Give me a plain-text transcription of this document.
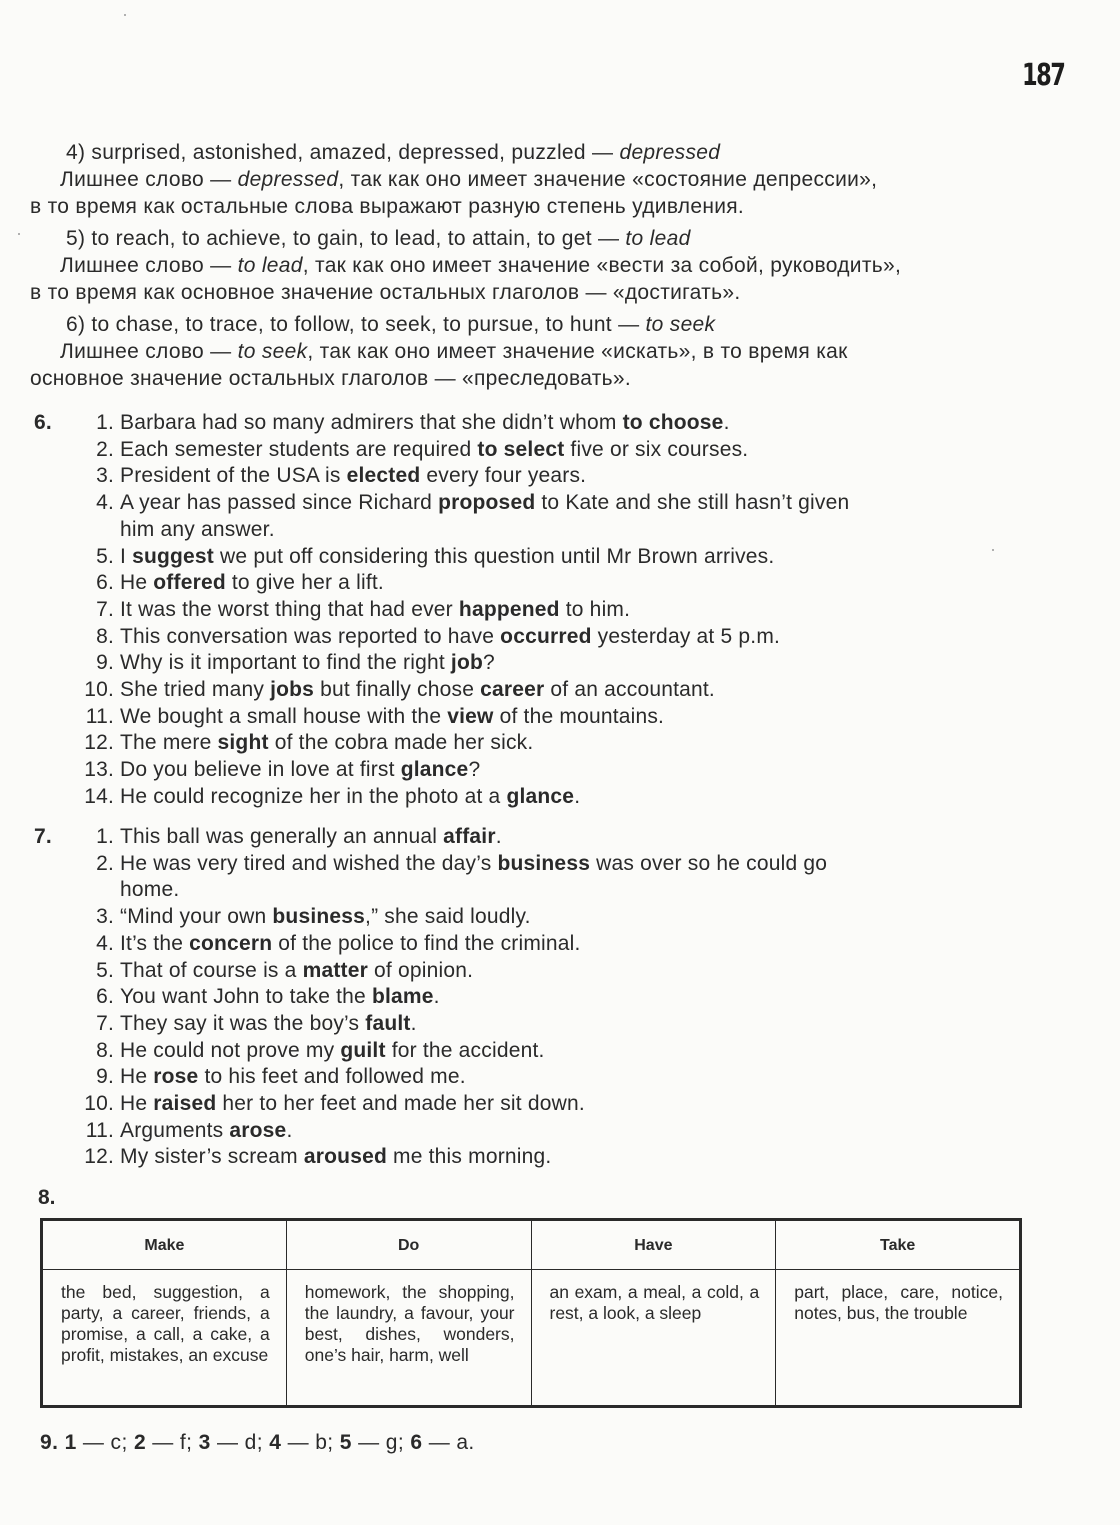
187
4) surprised, astonished, amazed, depressed, puzzled — depressed
Лишнее слово — depressed, так как оно имеет значение «состояние депрессии»,
в то время как остальные слова выражают разную степень удивления.
5) to reach, to achieve, to gain, to lead, to attain, to get — to lead
Лишнее слово — to lead, так как оно имеет значение «вести за собой, руководить»,
в то время как основное значение остальных глаголов — «достигать».
6) to chase, to trace, to follow, to seek, to pursue, to hunt — to seek
Лишнее слово — to seek, так как оно имеет значение «искать», в то время как
основное значение остальных глаголов — «преследовать».
6.	1. Barbara had so many admirers that she didn’t whom to choose.
2. Each semester students are required to select five or six courses.
3. President of the USA is elected every four years.
4. A year has passed since Richard proposed to Kate and she still hasn’t given
him any answer.
5. I suggest we put off considering this question until Mr Brown arrives.
6. He offered to give her a lift.
7. It was the worst thing that had ever happened to him.
8. This conversation was reported to have occurred yesterday at 5 p.m.
9. Why is it important to find the right job?
10. She tried many jobs but finally chose career of an accountant.
11. We bought a small house with the view of the mountains.
12. The mere sight of the cobra made her sick.
13. Do you believe in love at first glance?
14. He could recognize her in the photo at a glance.
7.	1. This ball was generally an annual affair.
2. He was very tired and wished the day’s business was over so he could go
home.
3. “Mind your own business,” she said loudly.
4. It’s the concern of the police to find the criminal.
5. That of course is a matter of opinion.
6. You want John to take the blame.
7. They say it was the boy’s fault.
8. He could not prove my guilt for the accident.
9. He rose to his feet and followed me.
10. He raised her to her feet and made her sit down.
11. Arguments arose.
12. My sister’s scream aroused me this morning.
8.
Make	Do	Have	Take
the bed, suggestion, a party, a career, friends, a promise, a call, a cake, a profit, mistakes, an excuse	homework, the shopping, the laundry, a favour, your best, dishes, wonders, one’s hair, harm, well	an exam, a meal, a cold, a rest, a look, a sleep	part, place, care, notice, notes, bus, the trouble
9. 1 — c; 2 — f; 3 — d; 4 — b; 5 — g; 6 — a.
